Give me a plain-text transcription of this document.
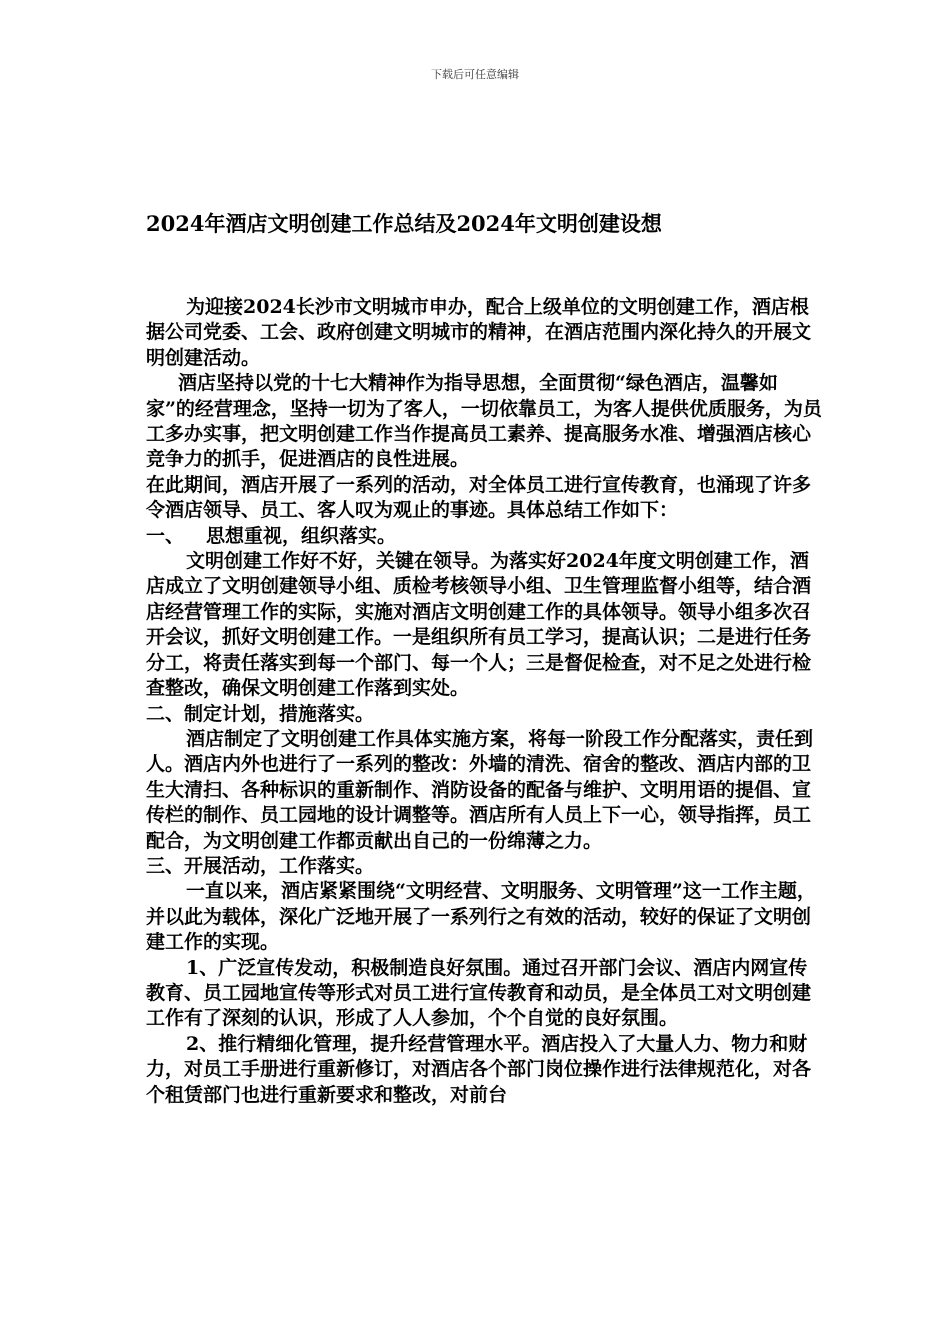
下载后可任意编辑
2024年酒店文明创建工作总结及2024年文明创建设想

为迎接2024长沙市文明城市申办，配合上级单位的文明创建工作，酒店根据公司党委、工会、政府创建文明城市的精神，在酒店范围内深化持久的开展文明创建活动。

酒店坚持以党的十七大精神作为指导思想，全面贯彻“绿色酒店，温馨如家”的经营理念，坚持一切为了客人，一切依靠员工，为客人提供优质服务，为员工多办实事，把文明创建工作当作提高员工素养、提高服务水准、增强酒店核心竞争力的抓手，促进酒店的良性进展。

在此期间，酒店开展了一系列的活动，对全体员工进行宣传教育，也涌现了许多令酒店领导、员工、客人叹为观止的事迹。具体总结工作如下：

一、 思想重视，组织落实。

文明创建工作好不好，关键在领导。为落实好2024年度文明创建工作，酒店成立了文明创建领导小组、质检考核领导小组、卫生管理监督小组等，结合酒店经营管理工作的实际，实施对酒店文明创建工作的具体领导。领导小组多次召开会议，抓好文明创建工作。一是组织所有员工学习，提高认识；二是进行任务分工，将责任落实到每一个部门、每一个人；三是督促检查，对不足之处进行检查整改，确保文明创建工作落到实处。

二、制定计划，措施落实。

酒店制定了文明创建工作具体实施方案，将每一阶段工作分配落实，责任到人。酒店内外也进行了一系列的整改：外墙的清洗、宿舍的整改、酒店内部的卫生大清扫、各种标识的重新制作、消防设备的配备与维护、文明用语的提倡、宣传栏的制作、员工园地的设计调整等。酒店所有人员上下一心，领导指挥，员工配合，为文明创建工作都贡献出自己的一份绵薄之力。

三、开展活动，工作落实。

一直以来，酒店紧紧围绕“文明经营、文明服务、文明管理”这一工作主题，并以此为载体，深化广泛地开展了一系列行之有效的活动，较好的保证了文明创建工作的实现。

1、广泛宣传发动，积极制造良好氛围。通过召开部门会议、酒店内网宣传教育、员工园地宣传等形式对员工进行宣传教育和动员，是全体员工对文明创建工作有了深刻的认识，形成了人人参加，个个自觉的良好氛围。

2、推行精细化管理，提升经营管理水平。酒店投入了大量人力、物力和财力，对员工手册进行重新修订，对酒店各个部门岗位操作进行法律规范化，对各个租赁部门也进行重新要求和整改，对前台
